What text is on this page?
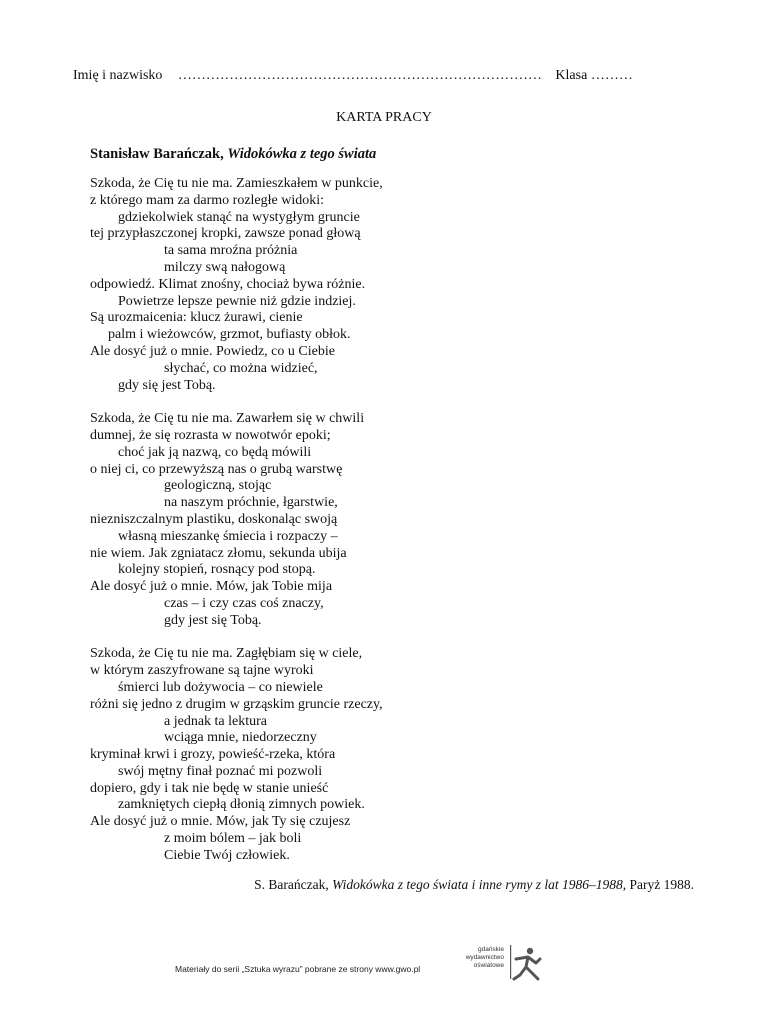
Imię i nazwisko …………………………………………………………………… Klasa ………
KARTA PRACY
Stanisław Barańczak, Widokówka z tego świata
Szkoda, że Cię tu nie ma. Zamieszkałem w punkcie,
z którego mam za darmo rozległe widoki:
gdziekolwiek stanąć na wystygłym gruncie
tej przypłaszczonej kropki, zawsze ponad głową
ta sama mroźna próżnia
milczy swą nałogową
odpowiedź. Klimat znośny, chociaż bywa różnie.
Powietrze lepsze pewnie niż gdzie indziej.
Są urozmaicenia: klucz żurawi, cienie
palm i wieżowców, grzmot, bufiasty obłok.
Ale dosyć już o mnie. Powiedz, co u Ciebie
słychać, co można widzieć,
gdy się jest Tobą.
Szkoda, że Cię tu nie ma. Zawarłem się w chwili
dumnej, że się rozrasta w nowotwór epoki;
choć jak ją nazwą, co będą mówili
o niej ci, co przewyższą nas o grubą warstwę
geologiczną, stojąc
na naszym próchnie, łgarstwie,
niezniszczalnym plastiku, doskonaląc swoją
własną mieszankę śmiecia i rozpaczy –
nie wiem. Jak zgniatacz złomu, sekunda ubija
kolejny stopień, rosnący pod stopą.
Ale dosyć już o mnie. Mów, jak Tobie mija
czas – i czy czas coś znaczy,
gdy jest się Tobą.
Szkoda, że Cię tu nie ma. Zagłębiam się w ciele,
w którym zaszyfrowane są tajne wyroki
śmierci lub dożywocia – co niewiele
różni się jedno z drugim w grząskim gruncie rzeczy,
a jednak ta lektura
wciąga mnie, niedorzeczny
kryminał krwi i grozy, powieść-rzeka, która
swój mętny finał poznać mi pozwoli
dopiero, gdy i tak nie będę w stanie unieść
zamkniętych ciepłą dłonią zimnych powiek.
Ale dosyć już o mnie. Mów, jak Ty się czujesz
z moim bólem – jak boli
Ciebie Twój człowiek.
S. Barańczak, Widokówka z tego świata i inne rymy z lat 1986–1988, Paryż 1988.
Materiały do serii „Sztuka wyrazu” pobrane ze strony www.gwo.pl
gdańskie
wydawnictwo
oświatowe
